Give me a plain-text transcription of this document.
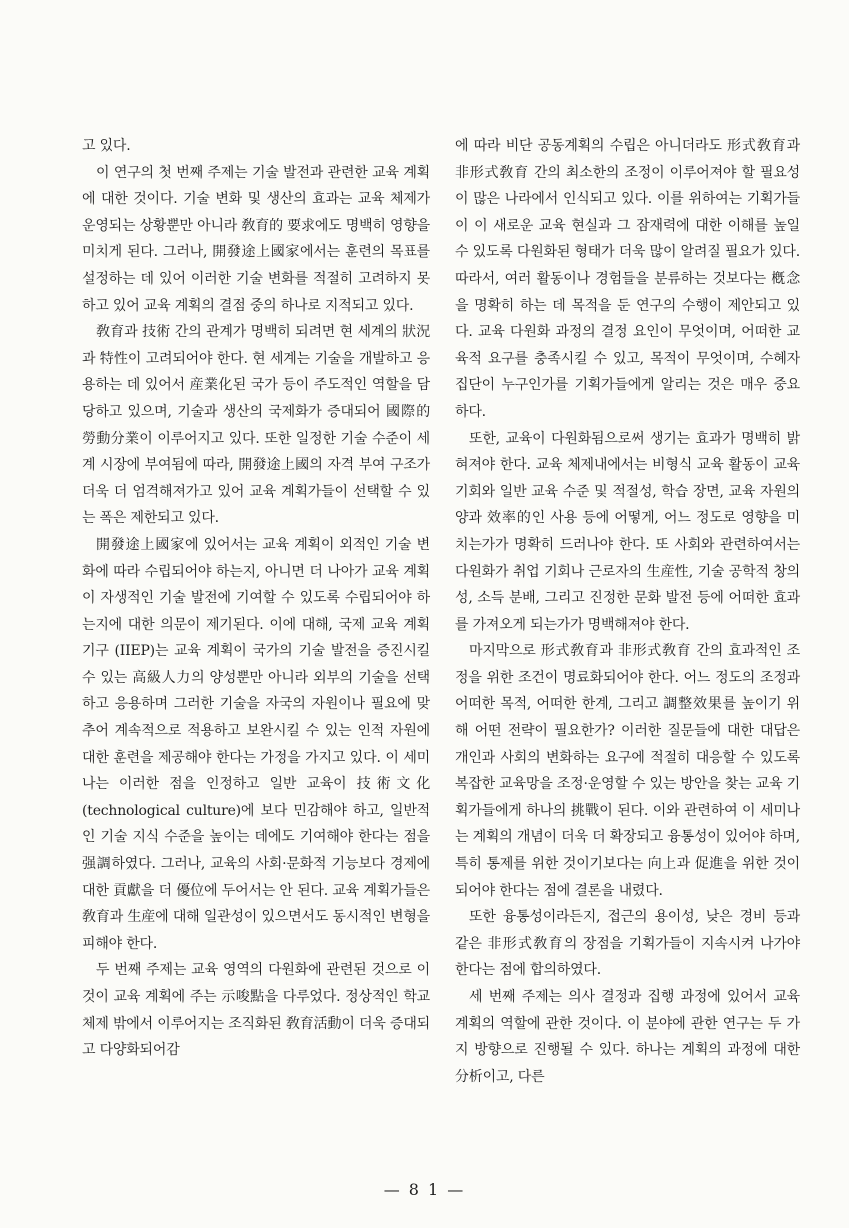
고 있다.

이 연구의 첫 번째 주제는 기술 발전과 관련한 교육 계획에 대한 것이다. 기술 변화 및 생산의 효과는 교육 체제가 운영되는 상황뿐만 아니라 敎育的 要求에도 명백히 영향을 미치게 된다. 그러나, 開發途上國家에서는 훈련의 목표를 설정하는 데 있어 이러한 기술 변화를 적절히 고려하지 못하고 있어 교육 계획의 결점 중의 하나로 지적되고 있다.

敎育과 技術 간의 관계가 명백히 되려면 현 세계의 狀況과 特性이 고려되어야 한다. 현 세계는 기술을 개발하고 응용하는 데 있어서 産業化된 국가 등이 주도적인 역할을 담당하고 있으며, 기술과 생산의 국제화가 증대되어 國際的 勞動分業이 이루어지고 있다. 또한 일정한 기술 수준이 세계 시장에 부여됨에 따라, 開發途上國의 자격 부여 구조가 더욱 더 엄격해져가고 있어 교육 계획가들이 선택할 수 있는 폭은 제한되고 있다.

開發途上國家에 있어서는 교육 계획이 외적인 기술 변화에 따라 수립되어야 하는지, 아니면 더 나아가 교육 계획이 자생적인 기술 발전에 기여할 수 있도록 수립되어야 하는지에 대한 의문이 제기된다. 이에 대해, 국제 교육 계획 기구 (IIEP)는 교육 계획이 국가의 기술 발전을 증진시킬 수 있는 高級人力의 양성뿐만 아니라 외부의 기술을 선택하고 응용하며 그러한 기술을 자국의 자원이나 필요에 맞추어 계속적으로 적용하고 보완시킬 수 있는 인적 자원에 대한 훈련을 제공해야 한다는 가정을 가지고 있다. 이 세미나는 이러한 점을 인정하고 일반 교육이 技術文化 (technological culture)에 보다 민감해야 하고, 일반적인 기술 지식 수준을 높이는 데에도 기여해야 한다는 점을 强調하였다. 그러나, 교육의 사회·문화적 기능보다 경제에 대한 貢獻을 더 優位에 두어서는 안 된다. 교육 계획가들은 敎育과 生産에 대해 일관성이 있으면서도 동시적인 변형을 피해야 한다.

두 번째 주제는 교육 영역의 다원화에 관련된 것으로 이것이 교육 계획에 주는 示唆點을 다루었다. 정상적인 학교 체제 밖에서 이루어지는 조직화된 敎育活動이 더욱 증대되고 다양화되어감

에 따라 비단 공동계획의 수립은 아니더라도 形式敎育과 非形式敎育 간의 최소한의 조정이 이루어져야 할 필요성이 많은 나라에서 인식되고 있다. 이를 위하여는 기획가들이 이 새로운 교육 현실과 그 잠재력에 대한 이해를 높일 수 있도록 다원화된 형태가 더욱 많이 알려질 필요가 있다. 따라서, 여러 활동이나 경험들을 분류하는 것보다는 槪念을 명확히 하는 데 목적을 둔 연구의 수행이 제안되고 있다. 교육 다원화 과정의 결정 요인이 무엇이며, 어떠한 교육적 요구를 충족시킬 수 있고, 목적이 무엇이며, 수혜자 집단이 누구인가를 기획가들에게 알리는 것은 매우 중요하다.

또한, 교육이 다원화됨으로써 생기는 효과가 명백히 밝혀져야 한다. 교육 체제내에서는 비형식 교육 활동이 교육 기회와 일반 교육 수준 및 적절성, 학습 장면, 교육 자원의 양과 效率的인 사용 등에 어떻게, 어느 정도로 영향을 미치는가가 명확히 드러나야 한다. 또 사회와 관련하여서는 다원화가 취업 기회나 근로자의 生産性, 기술 공학적 창의성, 소득 분배, 그리고 진정한 문화 발전 등에 어떠한 효과를 가져오게 되는가가 명백해져야 한다.

마지막으로 形式敎育과 非形式敎育 간의 효과적인 조정을 위한 조건이 명료화되어야 한다. 어느 정도의 조정과 어떠한 목적, 어떠한 한계, 그리고 調整效果를 높이기 위해 어떤 전략이 필요한가? 이러한 질문들에 대한 대답은 개인과 사회의 변화하는 요구에 적절히 대응할 수 있도록 복잡한 교육망을 조정·운영할 수 있는 방안을 찾는 교육 기획가들에게 하나의 挑戰이 된다. 이와 관련하여 이 세미나는 계획의 개념이 더욱 더 확장되고 융통성이 있어야 하며, 특히 통제를 위한 것이기보다는 向上과 促進을 위한 것이 되어야 한다는 점에 결론을 내렸다.

또한 융통성이라든지, 접근의 용이성, 낮은 경비 등과 같은 非形式敎育의 장점을 기획가들이 지속시켜 나가야 한다는 점에 합의하였다.

세 번째 주제는 의사 결정과 집행 과정에 있어서 교육 계획의 역할에 관한 것이다. 이 분야에 관한 연구는 두 가지 방향으로 진행될 수 있다. 하나는 계획의 과정에 대한 分析이고, 다른

— 8 1 —
